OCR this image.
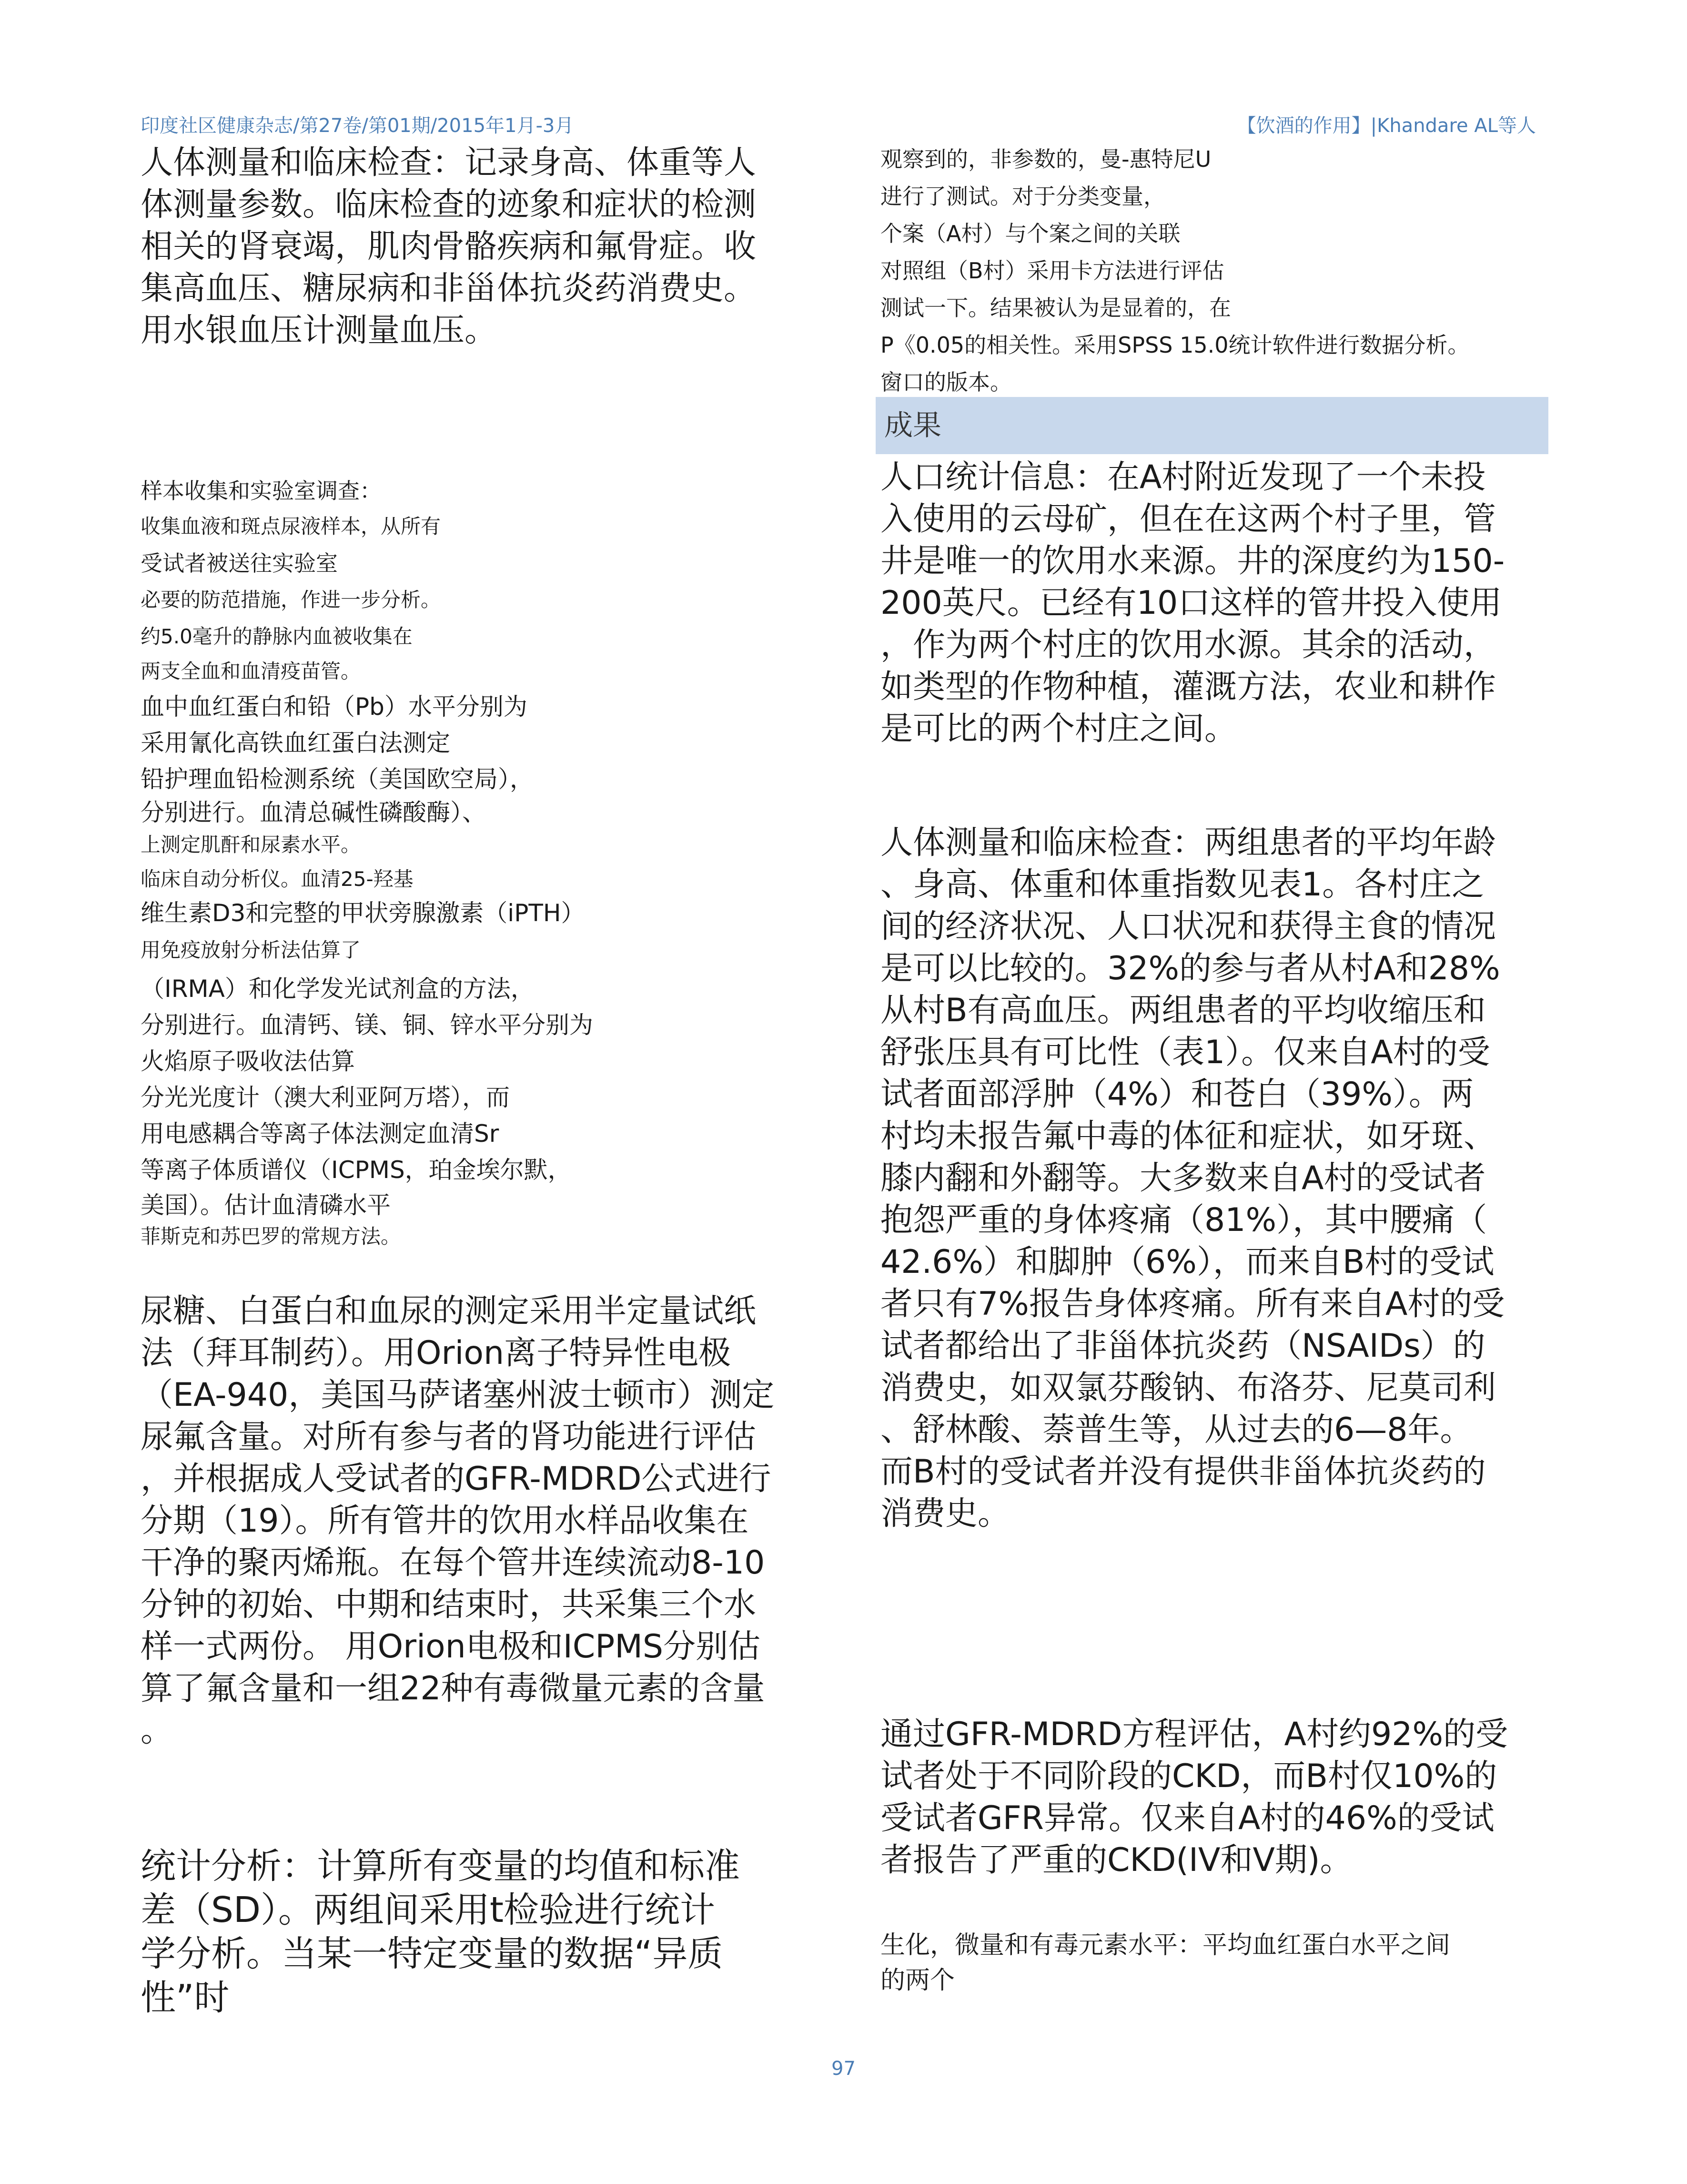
印度社区健康杂志/第27卷/第01期/2015年1月-3月	【饮酒的作用】|Khandare AL等人

人体测量和临床检查：记录身高、体重等人
体测量参数。临床检查的迹象和症状的检测
相关的肾衰竭，肌肉骨骼疾病和氟骨症。收
集高血压、糖尿病和非甾体抗炎药消费史。
用水银血压计测量血压。

样本收集和实验室调查：
收集血液和斑点尿液样本，从所有
受试者被送往实验室
必要的防范措施，作进一步分析。
约5.0毫升的静脉内血被收集在
两支全血和血清疫苗管。
血中血红蛋白和铅（Pb）水平分别为
采用氰化高铁血红蛋白法测定
铅护理血铅检测系统（美国欧空局），
分别进行。血清总碱性磷酸酶）、
上测定肌酐和尿素水平。
临床自动分析仪。血清25-羟基
维生素D3和完整的甲状旁腺激素（iPTH）
用免疫放射分析法估算了
（IRMA）和化学发光试剂盒的方法，
分别进行。血清钙、镁、铜、锌水平分别为
火焰原子吸收法估算
分光光度计（澳大利亚阿万塔），而
用电感耦合等离子体法测定血清Sr
等离子体质谱仪（ICPMS，珀金埃尔默，
美国）。估计血清磷水平
菲斯克和苏巴罗的常规方法。

尿糖、白蛋白和血尿的测定采用半定量试纸
法（拜耳制药）。用Orion离子特异性电极
（EA-940，美国马萨诸塞州波士顿市）测定
尿氟含量。对所有参与者的肾功能进行评估
，并根据成人受试者的GFR-MDRD公式进行
分期（19）。所有管井的饮用水样品收集在
干净的聚丙烯瓶。在每个管井连续流动8-10
分钟的初始、中期和结束时，共采集三个水
样一式两份。 用Orion电极和ICPMS分别估
算了氟含量和一组22种有毒微量元素的含量
。

统计分析：计算所有变量的均值和标准
差（SD）。两组间采用t检验进行统计
学分析。当某一特定变量的数据“异质
性”时

观察到的，非参数的，曼-惠特尼U
进行了测试。对于分类变量，
个案（A村）与个案之间的关联
对照组（B村）采用卡方法进行评估
测试一下。结果被认为是显着的，在
P《0.05的相关性。采用SPSS 15.0统计软件进行数据分析。
窗口的版本。

成果

人口统计信息：在A村附近发现了一个未投
入使用的云母矿，但在在这两个村子里，管
井是唯一的饮用水来源。井的深度约为150-
200英尺。已经有10口这样的管井投入使用
，作为两个村庄的饮用水源。其余的活动，
如类型的作物种植，灌溉方法，农业和耕作
是可比的两个村庄之间。

人体测量和临床检查：两组患者的平均年龄
、身高、体重和体重指数见表1。各村庄之
间的经济状况、人口状况和获得主食的情况
是可以比较的。32%的参与者从村A和28%
从村B有高血压。两组患者的平均收缩压和
舒张压具有可比性（表1）。仅来自A村的受
试者面部浮肿（4%）和苍白（39%）。两
村均未报告氟中毒的体征和症状，如牙斑、
膝内翻和外翻等。大多数来自A村的受试者
抱怨严重的身体疼痛（81%），其中腰痛（
42.6%）和脚肿（6%），而来自B村的受试
者只有7%报告身体疼痛。所有来自A村的受
试者都给出了非甾体抗炎药（NSAIDs）的
消费史，如双氯芬酸钠、布洛芬、尼莫司利
、舒林酸、萘普生等，从过去的6—8年。
而B村的受试者并没有提供非甾体抗炎药的
消费史。

通过GFR-MDRD方程评估，A村约92%的受
试者处于不同阶段的CKD，而B村仅10%的
受试者GFR异常。仅来自A村的46%的受试
者报告了严重的CKD(IV和V期)。

生化，微量和有毒元素水平：平均血红蛋白水平之间
的两个

97
